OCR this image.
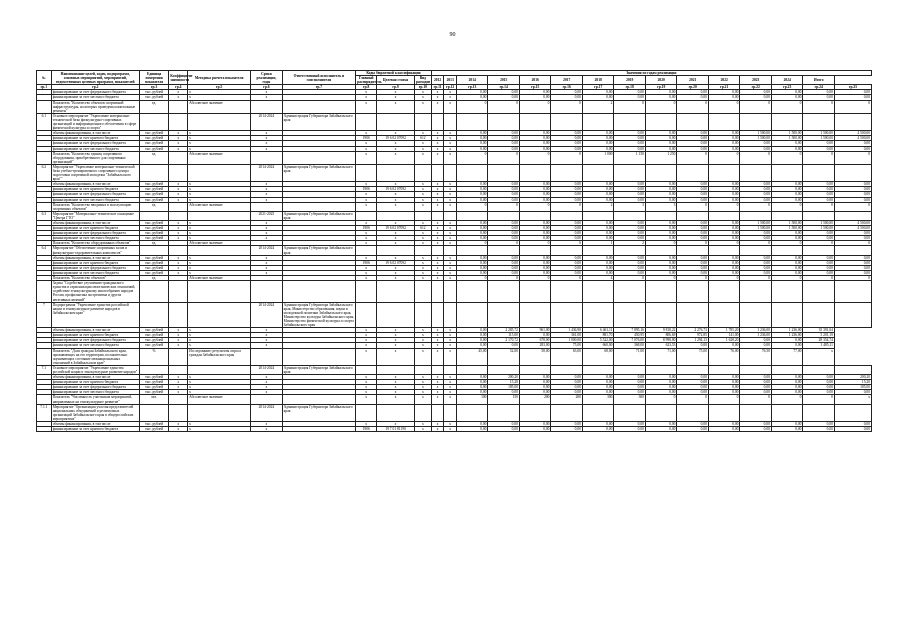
90
№	Наименование целей, задач, подпрограмм, основных мероприятий, мероприятий, ведомственных целевых программ, показателей	Единица измерения показателя	Коэффициент значимости	Методика расчета показателя	Сроки реализации, годы	Ответственный исполнитель и соисполнители	Коды бюджетной классификации			Значения по годам реализации														
							Главный распорядитель	Целевая статья	Вид расходов	2012	2013	2014	2015	2016	2017	2018	2019	2020	2021	2022	2023	2024	Итого	
гр.1	гр.2	гр.3	гр.4	гр.5	гр.6	гр.7	гр.8	гр.9	гр.10	гр.11	гр.12	гр.13	гр.14	гр.15	гр.16	гр.17	гр.18	гр.19	гр.20	гр.21	гр.22	гр.23	гр.24	гр.25
	финансирование за счет федерального бюджета	тыс. рублей	x	x	x		x	x	x	x	x	0,00	0,00	0,00	0,00	0,00	0,00	0,00	0,00	0,00	0,00	0,00	0,00	0,00
	финансирование за счет местного бюджета	тыс. рублей	x	x	x		x	x	x	x	x	0,00	0,00	0,00	0,00	0,00	0,00	0,00	0,00	0,00	0,00	0,00	0,00	0,00
	Показатель "Количество объектов спортивной инфраструктуры, на которых проведены капитальные ремонты"	ед.		Абсолютное значение			x	x	x	x	x	0	0	0	0	2	0	0	0	0	0	0	0	0
6.1	Основное мероприятие "Укрепление материально-технической базы физкультурно-спортивных организаций и информационного обеспечения в сфере физической культуры и спорта"				2014-2024	Администрация Губернатора Забайкальского края																		
	объемы финансирования, в том числе	тыс. рублей	x	x	x		x	x	x	x	x	0,00	0,00	0,00	0,00	0,00	0,00	0,00	0,00	0,00	1 500,00	1 500,00	1 500,00	4 500,00
	финансирование за счет краевого бюджета	тыс. рублей	x	x	x		1906	19 6 02 07092	612	x	x	0,00	0,00	0,00	0,00	0,00	0,00	0,00	0,00	0,00	1 500,00	1 500,00	1 500,00	4 500,00
	финансирование за счет федерального бюджета	тыс. рублей	x	x	x		x	x	x	x	x	0,00	0,00	0,00	0,00	0,00	0,00	0,00	0,00	0,00	0,00	0,00	0,00	0,00
	финансирование за счет местного бюджета	тыс. рублей	x	x	x		x	x	x	x	x	0,00	0,00	0,00	0,00	0,00	0,00	0,00	0,00	0,00	0,00	0,00	0,00	0,00
	Показатель "Количество единиц спортивного оборудования, приобретенного для спортивных организаций"	ед.		Абсолютное значение			x	x	x	x	x	0	0	0	0	1 000	1 150	1 250	0	0	0	0	0	0
6.2	Мероприятие "Укрепление материально-технической базы учебно-тренировочного спортивного центра подготовки спортивной молодежи "Забайкальского края""				2014-2024	Администрация Губернатора Забайкальского края																		
	объемы финансирования, в том числе	тыс. рублей	x	x	x		x	x	x	x	x	0,00	0,00	0,00	0,00	0,00	0,00	0,00	0,00	0,00	0,00	0,00	0,00	0,00
	финансирование за счет краевого бюджета	тыс. рублей	x	x	x		1906	19 6 02 07092	x	x	x	0,00	0,00	0,00	0,00	0,00	0,00	0,00	0,00	0,00	0,00	0,00	0,00	0,00
	финансирование за счет федерального бюджета	тыс. рублей	x	x	x		x	x	x	x	x	0,00	0,00	0,00	0,00	0,00	0,00	0,00	0,00	0,00	0,00	0,00	0,00	0,00
	финансирование за счет местного бюджета	тыс. рублей	x	x	x		x	x	x	x	x	0,00	0,00	0,00	0,00	0,00	0,00	0,00	0,00	0,00	0,00	0,00	0,00	0,00
	Показатель "Количество вводимых в эксплуатацию спортивных объектов"	ед.		Абсолютное значение			x	x	x	x	x	0	0	0	0	2	3	3	0	0	0	0	0	0
6.3	Мероприятие "Материально-техническое оснащение "Центра ГТО"				2021-2025	Администрация Губернатора Забайкальского края																		
	объемы финансирования, в том числе	тыс. рублей	x	x	x		x	x	x	x	x	0,00	0,00	0,00	0,00	0,00	0,00	0,00	0,00	0,00	1 500,00	1 500,00	1 500,00	4 500,00
	финансирование за счет краевого бюджета	тыс. рублей	x	x	x		1906	19 6 02 07092	612	x	x	0,00	0,00	0,00	0,00	0,00	0,00	0,00	0,00	0,00	1 500,00	1 500,00	1 500,00	4 500,00
	финансирование за счет федерального бюджета	тыс. рублей	x	x	x		x	x	x	x	x	0,00	0,00	0,00	0,00	0,00	0,00	0,00	0,00	0,00	0,00	0,00	0,00	0,00
	финансирование за счет местного бюджета	тыс. рублей	x	x	x		x	x	x	x	x	0,00	0,00	0,00	0,00	0,00	0,00	0,00	0,00	0,00	0,00	0,00	0,00	0,00
	Показатель "Количество оборудованных объектов"	ед.		Абсолютное значение			x	x	x	x	x	0	0	0	0	1	2	0	0	0	0	0	0	0
6.4	Мероприятие "Обеспечение спортивных залов и физкультурно-оздоровительных комплексов"				2014-2024	Администрация Губернатора Забайкальского края																		
	объемы финансирования, в том числе	тыс. рублей	x	x	x		x	x	x	x	x	0,00	0,00	0,00	0,00	0,00	0,00	0,00	0,00	0,00	0,00	0,00	0,00	0,00
	финансирование за счет краевого бюджета	тыс. рублей	x	x	x		1906	19 6 02 07092	x	x	x	0,00	0,00	0,00	0,00	0,00	0,00	0,00	0,00	0,00	0,00	0,00	0,00	0,00
	финансирование за счет федерального бюджета	тыс. рублей	x	x	x		x	x	x	x	x	0,00	0,00	0,00	0,00	0,00	0,00	0,00	0,00	0,00	0,00	0,00	0,00	0,00
	финансирование за счет местного бюджета	тыс. рублей	x	x	x		x	x	x	x	x	0,00	0,00	0,00	0,00	0,00	0,00	0,00	0,00	0,00	0,00	0,00	0,00	0,00
	Показатель "Количество объектов"	ед.		Абсолютное значение			x	x	x	x	x	0	0	0	0	4	0	0	0	0	0	0	0	0
	Задача "Содействие улучшению гражданского единства и гармонизации межэтнических отношений, содействие этнокультурному многообразию народов России, профилактика экстремизма и других негативных явлений"																							
7	Подпрограмма "Укрепление единства российской нации и этнокультурное развитие народов в Забайкальском крае"				2014-2024	Администрация Губернатора Забайкальского края, Министерство образования, науки и молодежной политики Забайкальского края, Министерство культуры Забайкальского края, Министерство физической культуры и спорта Забайкальского края																		
	объемы финансирования, в том числе	тыс. рублей	x	x	x		x	x	x	x	x	0,00	2 285,72	961,00	1 436,90	6 461,11	7 895,16	9 818,22	2 276,73	1 785,20	1 236,00	1 236,00	35 391,04	
	финансирование за счет краевого бюджета	тыс. рублей	x	x	x		x	x	x	x	x	0,00	115,00	0,00	361,00	881,70	450,95	806,69	972,85	141,00	1 236,00	1 236,00	5 201,19	
	финансирование за счет федерального бюджета	тыс. рублей	x	x	x		x	x	x	x	x	0,00	2 170,72	678,00	1 000,00	5 522,00	7 076,00	8 998,80	1 294,13	1 628,20	0,00	0,00	28 354,74	
	финансирование за счет местного бюджета	тыс. рублей	x	x	x		x	x	x	x	x	0,00	0,00	283,00	75,00	660,00	368,00	623,53	0,00	0,00	0,00	0,00	1 485,11	
	Показатель "Доля граждан Забайкальского края, проживающих на его территории, положительно оценивающих состояние межнациональных отношений в Забайкальском крае"	%		Исследование; результаты опроса граждан Забайкальского края			x	x	x	x	x	45,00	52,00	58,00	63,00	68,00	71,00	71,00	75,00	76,00	76,50	77,00	x	
7.1	Основное мероприятие "Укрепление единства российской нации и этнокультурное развитие народов"				2014-2024	Администрация Губернатора Забайкальского края																		
	объемы финансирования, в том числе	тыс. рублей	x	x	x		x	x	x	x	x	0,00	200,20	0,00	0,00	0,00	0,00	0,00	0,00	0,00	0,00	0,00	0,00	200,20
	финансирование за счет краевого бюджета	тыс. рублей	x	x	x		x	x	x	x	x	0,00	15,20	0,00	0,00	0,00	0,00	0,00	0,00	0,00	0,00	0,00	0,00	15,20
	финансирование за счет федерального бюджета	тыс. рублей	x	x	x		x	x	x	x	x	0,00	185,00	0,00	0,00	0,00	0,00	0,00	0,00	0,00	0,00	0,00	0,00	185,00
	финансирование за счет местного бюджета	тыс. рублей	x	x	x		x	x	x	x	x	0,00	0,00	0,00	0,00	0,00	0,00	0,00	0,00	0,00	0,00	0,00	0,00	0,00
	Показатель "Численность участников мероприятий, направленных на этнокультурное развитие"	чел.		Абсолютное значение			x	x	x	x	x	100	150	200	200	300	300	0	0	0	0	0	0	x
7.1.1	Мероприятие "Организация участия представителей национальных объединений и религиозных организаций Забайкальского края в общероссийских мероприятиях"				2014-2024	Администрация Губернатора Забайкальского края																		
	объемы финансирования, в том числе	тыс. рублей	x	x	x		x	x	x	x	x	0,00	0,00	0,00	0,00	0,00	0,00	0,00	0,00	0,00	0,00	0,00	0,00	0,00
	финансирование за счет краевого бюджета	тыс. рублей	x	x	x		1906	19 7 01 81190	x	x	x	0,00	0,00	0,00	0,00	0,00	0,00	0,00	0,00	0,00	0,00	0,00	0,00	0,00
